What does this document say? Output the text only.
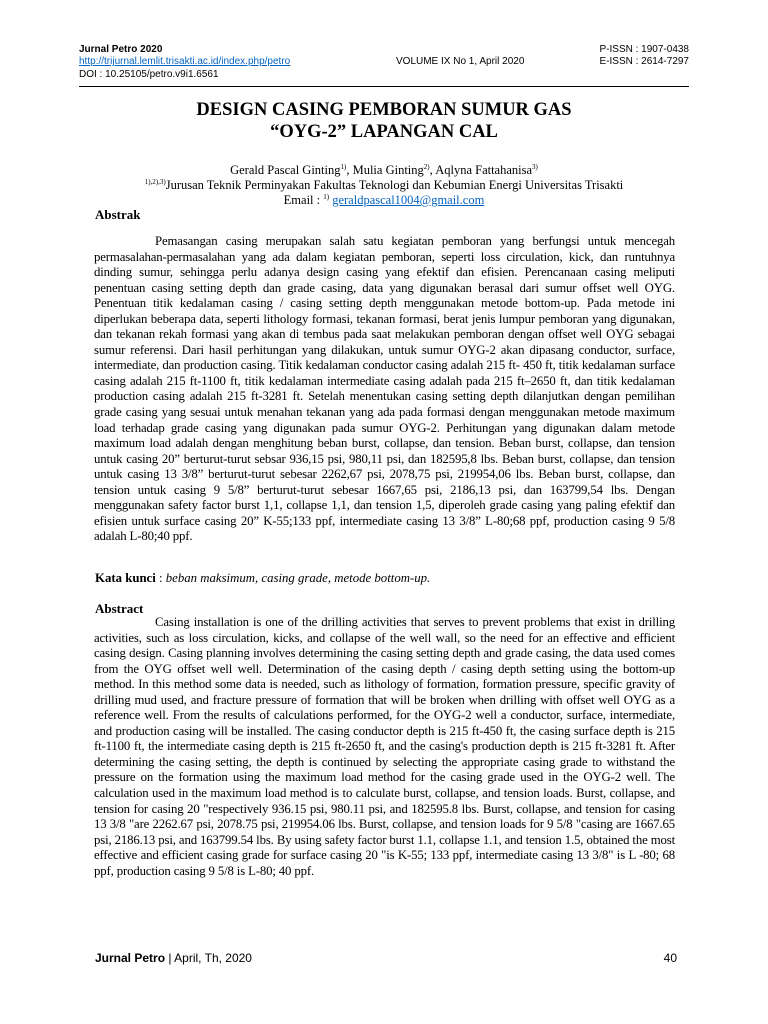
Jurnal Petro 2020	P-ISSN : 1907-0438
http://trijurnal.lemlit.trisakti.ac.id/index.php/petro	VOLUME IX No 1, April 2020	E-ISSN : 2614-7297
DOI : 10.25105/petro.v9i1.6561
DESIGN CASING PEMBORAN SUMUR GAS
“OYG-2” LAPANGAN CAL
Gerald Pascal Ginting$^{1)}$, Mulia Ginting$^{2)}$, Aqlyna Fattahanisa$^{3)}$
$^{1),2),3)}$Jurusan Teknik Perminyakan Fakultas Teknologi dan Kebumian Energi Universitas Trisakti
Email : $^{1)}$ geraldpascal1004@gmail.com
Abstrak
Pemasangan casing merupakan salah satu kegiatan pemboran yang berfungsi untuk mencegah permasalahan-permasalahan yang ada dalam kegiatan pemboran, seperti loss circulation, kick, dan runtuhnya dinding sumur, sehingga perlu adanya design casing yang efektif dan efisien. Perencanaan casing meliputi penentuan casing setting depth dan grade casing, data yang digunakan berasal dari sumur offset well OYG. Penentuan titik kedalaman casing / casing setting depth menggunakan metode bottom-up. Pada metode ini diperlukan beberapa data, seperti lithology formasi, tekanan formasi, berat jenis lumpur pemboran yang digunakan, dan tekanan rekah formasi yang akan di tembus pada saat melakukan pemboran dengan offset well OYG sebagai sumur referensi. Dari hasil perhitungan yang dilakukan, untuk sumur OYG-2 akan dipasang conductor, surface, intermediate, dan production casing. Titik kedalaman conductor casing adalah 215 ft- 450 ft, titik kedalaman surface casing adalah 215 ft-1100 ft, titik kedalaman intermediate casing adalah pada 215 ft–2650 ft, dan titik kedalaman production casing adalah 215 ft-3281 ft. Setelah menentukan casing setting depth dilanjutkan dengan pemilihan grade casing yang sesuai untuk menahan tekanan yang ada pada formasi dengan menggunakan metode maximum load terhadap grade casing yang digunakan pada sumur OYG-2. Perhitungan yang digunakan dalam metode maximum load adalah dengan menghitung beban burst, collapse, dan tension. Beban burst, collapse, dan tension untuk casing 20” berturut-turut sebsar 936,15 psi, 980,11 psi, dan 182595,8 lbs. Beban burst, collapse, dan tension untuk casing 13 3/8” berturut-turut sebesar 2262,67 psi, 2078,75 psi, 219954,06 lbs. Beban burst, collapse, dan tension untuk casing 9 5/8” berturut-turut sebesar 1667,65 psi, 2186,13 psi, dan 163799,54 lbs. Dengan menggunakan safety factor burst 1,1, collapse 1,1, dan tension 1,5, diperoleh grade casing yang paling efektif dan efisien untuk surface casing 20” K-55;133 ppf, intermediate casing 13 3/8” L-80;68 ppf, production casing 9 5/8 adalah L-80;40 ppf.
Kata kunci : beban maksimum, casing grade, metode bottom-up.
Abstract
Casing installation is one of the drilling activities that serves to prevent problems that exist in drilling activities, such as loss circulation, kicks, and collapse of the well wall, so the need for an effective and efficient casing design. Casing planning involves determining the casing setting depth and grade casing, the data used comes from the OYG offset well well. Determination of the casing depth / casing depth setting using the bottom-up method. In this method some data is needed, such as lithology of formation, formation pressure, specific gravity of drilling mud used, and fracture pressure of formation that will be broken when drilling with offset well OYG as a reference well. From the results of calculations performed, for the OYG-2 well a conductor, surface, intermediate, and production casing will be installed. The casing conductor depth is 215 ft-450 ft, the casing surface depth is 215 ft-1100 ft, the intermediate casing depth is 215 ft-2650 ft, and the casing's production depth is 215 ft-3281 ft. After determining the casing setting, the depth is continued by selecting the appropriate casing grade to withstand the pressure on the formation using the maximum load method for the casing grade used in the OYG-2 well. The calculation used in the maximum load method is to calculate burst, collapse, and tension loads. Burst, collapse, and tension for casing 20 "respectively 936.15 psi, 980.11 psi, and 182595.8 lbs. Burst, collapse, and tension for casing 13 3/8 "are 2262.67 psi, 2078.75 psi, 219954.06 lbs. Burst, collapse, and tension loads for 9 5/8 "casing are 1667.65 psi, 2186.13 psi, and 163799.54 lbs. By using safety factor burst 1.1, collapse 1.1, and tension 1.5, obtained the most effective and efficient casing grade for surface casing 20 "is K-55; 133 ppf, intermediate casing 13 3/8" is L -80; 68 ppf, production casing 9 5/8 is L-80; 40 ppf.
Jurnal Petro | April, Th, 2020	40
